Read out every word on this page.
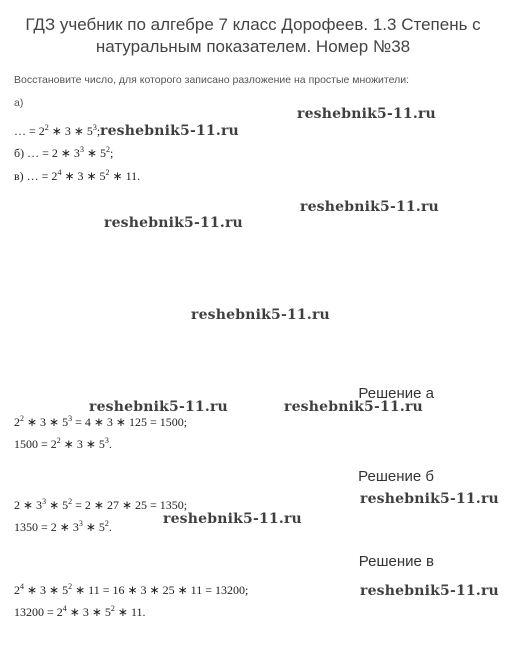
ГДЗ учебник по алгебре 7 класс Дорофеев. 1.3 Степень с
натуральным показателем. Номер №38
Восстановите число, для которого записано разложение на простые множители:
а)
… = $2^2$ ∗ 3 ∗ $5^3$;
б) … = 2 ∗ $3^3$ ∗ $5^2$;
в) … = $2^4$ ∗ 3 ∗ $5^2$ ∗ 11.
Решение а
$2^2$ ∗ 3 ∗ $5^3 = 4$ ∗ 3 ∗ 125 = 1500;
$1500 = 2^2$ ∗ 3 ∗ $5^3$.
Решение б
2 ∗ $3^3$ ∗ $5^2 = 2$ ∗ 27 ∗ 25 = 1350;
1350 = 2 ∗ $3^3$ ∗ $5^2$.
Решение в
$2^4$ ∗ 3 ∗ $5^2$ ∗ 11 = 16 ∗ 3 ∗ 25 ∗ 11 = 13200;
$13200 = 2^4$ ∗ 3 ∗ $5^2$ ∗ 11.
reshebnik5-11.ru
reshebnik5-11.ru
reshebnik5-11.ru
reshebnik5-11.ru
reshebnik5-11.ru
reshebnik5-11.ru	reshebnik5-11.ru
reshebnik5-11.ru
reshebnik5-11.ru
reshebnik5-11.ru
